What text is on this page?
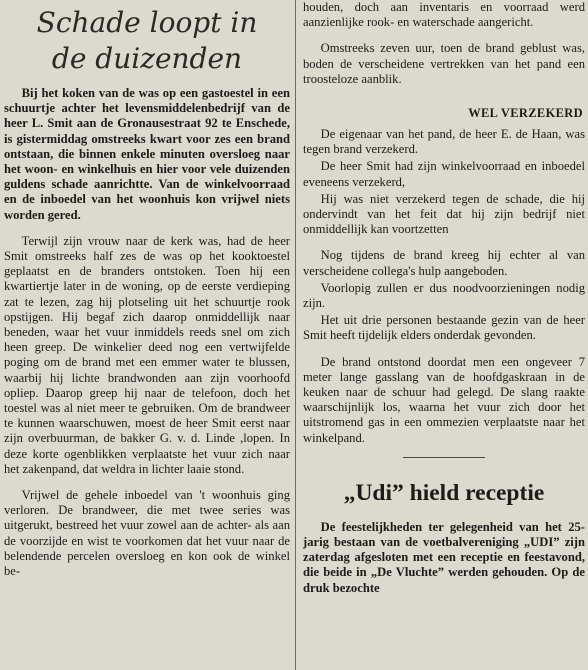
Schade loopt in
de duizenden

Bij het koken van de was op een gastoestel in een schuurtje achter het levensmiddelenbedrijf van de heer L. Smit aan de Gronausestraat 92 te Enschede, is gistermiddag omstreeks kwart voor zes een brand ontstaan, die binnen enkele minuten oversloeg naar het woon- en winkelhuis en hier voor vele duizenden guldens schade aanrichtte. Van de winkelvoorraad en de inboedel van het woonhuis kon vrijwel niets worden gered.

Terwijl zijn vrouw naar de kerk was, had de heer Smit omstreeks half zes de was op het kooktoestel geplaatst en de branders ontstoken. Toen hij een kwartiertje later in de woning, op de eerste verdieping zat te lezen, zag hij plotseling uit het schuurtje rook opstijgen. Hij begaf zich daarop onmiddellijk naar beneden, waar het vuur inmiddels reeds snel om zich heen greep. De winkelier deed nog een vertwijfelde poging om de brand met een emmer water te blussen, waarbij hij lichte brandwonden aan zijn voorhoofd opliep. Daarop greep hij naar de telefoon, doch het toestel was al niet meer te gebruiken. Om de brandweer te kunnen waarschuwen, moest de heer Smit eerst naar zijn overbuurman, de bakker G. v. d. Linde ,lopen. In deze korte ogenblikken verplaatste het vuur zich naar het zakenpand, dat weldra in lichter laaie stond.

Vrijwel de gehele inboedel van 't woonhuis ging verloren. De brandweer, die met twee series was uitgerukt, bestreed het vuur zowel aan de achter- als aan de voorzijde en wist te voorkomen dat het vuur naar de belendende percelen oversloeg en kon ook de winkel be-

houden, doch aan inventaris en voorraad werd aanzienlijke rook- en waterschade aangericht.

Omstreeks zeven uur, toen de brand geblust was, boden de verscheidene vertrekken van het pand een troosteloze aanblik.

WEL VERZEKERD

De eigenaar van het pand, de heer E. de Haan, was tegen brand verzekerd.

De heer Smit had zijn winkelvoorraad en inboedel eveneens verzekerd,

Hij was niet verzekerd tegen de schade, die hij ondervindt van het feit dat hij zijn bedrijf niet onmiddellijk kan voortzetten

Nog tijdens de brand kreeg hij echter al van verscheidene collega's hulp aangeboden.

Voorlopig zullen er dus noodvoorzieningen nodig zijn.

Het uit drie personen bestaande gezin van de heer Smit heeft tijdelijk elders onderdak gevonden.

De brand ontstond doordat men een ongeveer 7 meter lange gasslang van de hoofdgaskraan in de keuken naar de schuur had gelegd. De slang raakte waarschijnlijk los, waarna het vuur zich door het uitstromend gas in een ommezien verplaatste naar het winkelpand.

„Udi” hield receptie

De feestelijkheden ter gelegenheid van het 25-jarig bestaan van de voetbalvereniging „UDI” zijn zaterdag afgesloten met een receptie en feestavond, die beide in „De Vluchte” werden gehouden. Op de druk bezochte
